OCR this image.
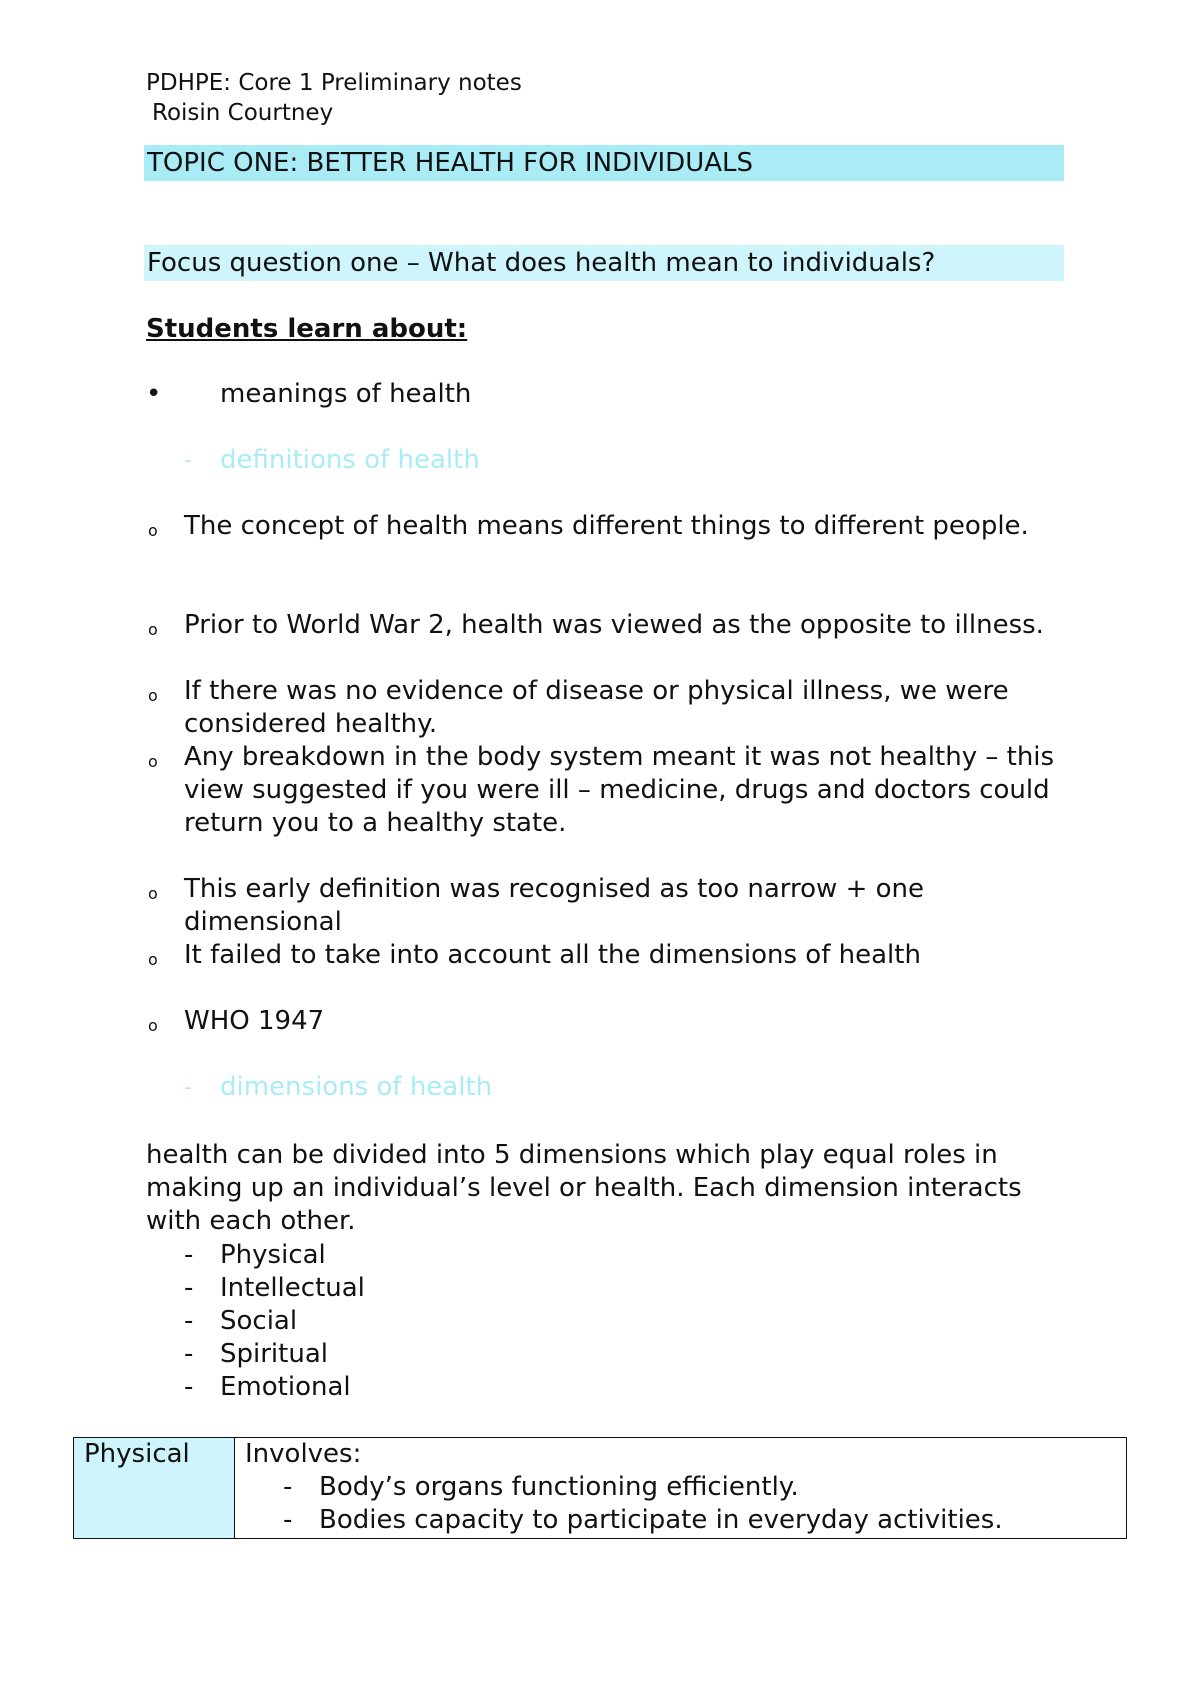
PDHPE: Core 1 Preliminary notes
Roisin Courtney
TOPIC ONE: BETTER HEALTH FOR INDIVIDUALS
Focus question one – What does health mean to individuals?
Students learn about:
• meanings of health
- definitions of health
o The concept of health means different things to different people.
o Prior to World War 2, health was viewed as the opposite to illness.
o If there was no evidence of disease or physical illness, we were considered healthy.
o Any breakdown in the body system meant it was not healthy – this view suggested if you were ill – medicine, drugs and doctors could return you to a healthy state.
o This early definition was recognised as too narrow + one dimensional
o It failed to take into account all the dimensions of health
o WHO 1947
- dimensions of health
health can be divided into 5 dimensions which play equal roles in making up an individual’s level or health. Each dimension interacts with each other.
- Physical
- Intellectual
- Social
- Spiritual
- Emotional
Physical	Involves:
- Body’s organs functioning efficiently.
- Bodies capacity to participate in everyday activities.
